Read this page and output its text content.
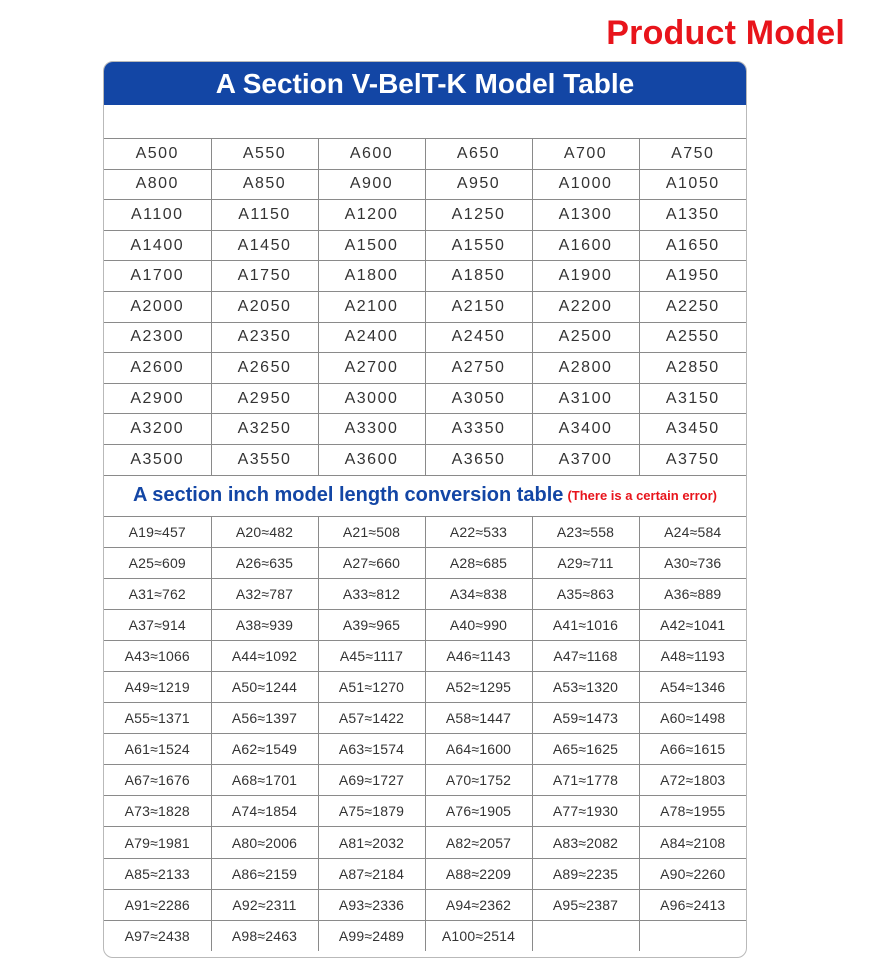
Product Model
A Section V-BelT-K Model Table
A500	A550	A600	A650	A700	A750
A800	A850	A900	A950	A1000	A1050
A1100	A1150	A1200	A1250	A1300	A1350
A1400	A1450	A1500	A1550	A1600	A1650
A1700	A1750	A1800	A1850	A1900	A1950
A2000	A2050	A2100	A2150	A2200	A2250
A2300	A2350	A2400	A2450	A2500	A2550
A2600	A2650	A2700	A2750	A2800	A2850
A2900	A2950	A3000	A3050	A3100	A3150
A3200	A3250	A3300	A3350	A3400	A3450
A3500	A3550	A3600	A3650	A3700	A3750
A section inch model length conversion table (There is a certain error)
A19≈457	A20≈482	A21≈508	A22≈533	A23≈558	A24≈584
A25≈609	A26≈635	A27≈660	A28≈685	A29≈711	A30≈736
A31≈762	A32≈787	A33≈812	A34≈838	A35≈863	A36≈889
A37≈914	A38≈939	A39≈965	A40≈990	A41≈1016	A42≈1041
A43≈1066	A44≈1092	A45≈1117	A46≈1143	A47≈1168	A48≈1193
A49≈1219	A50≈1244	A51≈1270	A52≈1295	A53≈1320	A54≈1346
A55≈1371	A56≈1397	A57≈1422	A58≈1447	A59≈1473	A60≈1498
A61≈1524	A62≈1549	A63≈1574	A64≈1600	A65≈1625	A66≈1615
A67≈1676	A68≈1701	A69≈1727	A70≈1752	A71≈1778	A72≈1803
A73≈1828	A74≈1854	A75≈1879	A76≈1905	A77≈1930	A78≈1955
A79≈1981	A80≈2006	A81≈2032	A82≈2057	A83≈2082	A84≈2108
A85≈2133	A86≈2159	A87≈2184	A88≈2209	A89≈2235	A90≈2260
A91≈2286	A92≈2311	A93≈2336	A94≈2362	A95≈2387	A96≈2413
A97≈2438	A98≈2463	A99≈2489	A100≈2514		
